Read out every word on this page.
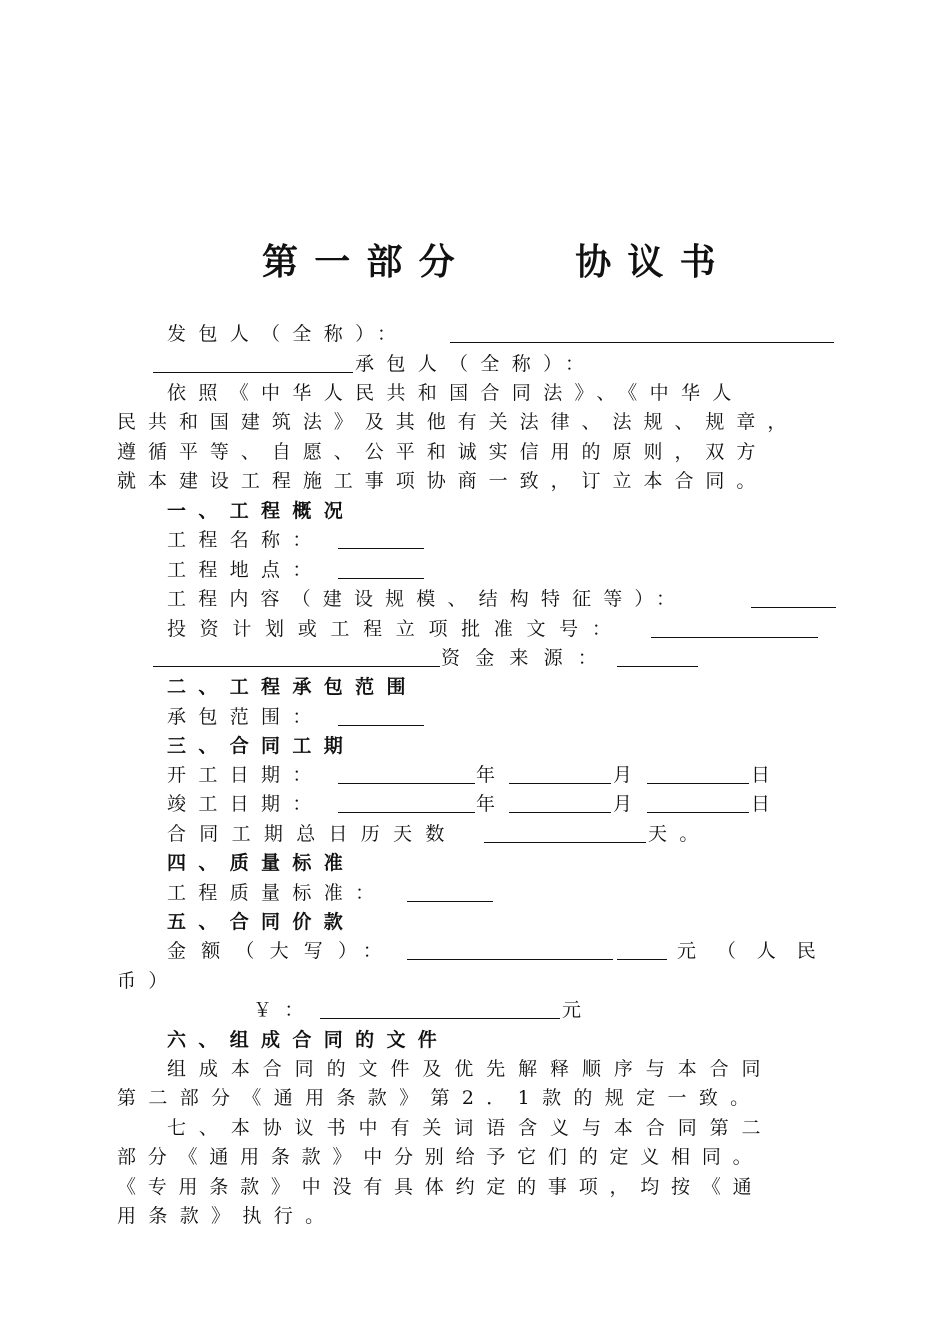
第一部分　　协议书
发包人（全称）：
承包人（全称）：
依照《中华人民共和国合同法》、《中华人
民共和国建筑法》及其他有关法律、法规、规章，
遵循平等、自愿、公平和诚实信用的原则，双方
就本建设工程施工事项协商一致，订立本合同。
一、工程概况
工程名称：
工程地点：
工程内容（建设规模、结构特征等）：
投资计划或工程立项批准文号：
资金来源：
二、工程承包范围
承包范围：
三、合同工期
开工日期：	年	月	日
竣工日期：	年	月	日
合同工期总日历天数	天。
四、质量标准
工程质量标准：
五、合同价款
金额（大写）：	元（人民
币）
￥：	元
六、组成合同的文件
组成本合同的文件及优先解释顺序与本合同
第二部分《通用条款》第2．1款的规定一致。
七、本协议书中有关词语含义与本合同第二
部分《通用条款》中分别给予它们的定义相同。
《专用条款》中没有具体约定的事项，均按《通
用条款》执行。
